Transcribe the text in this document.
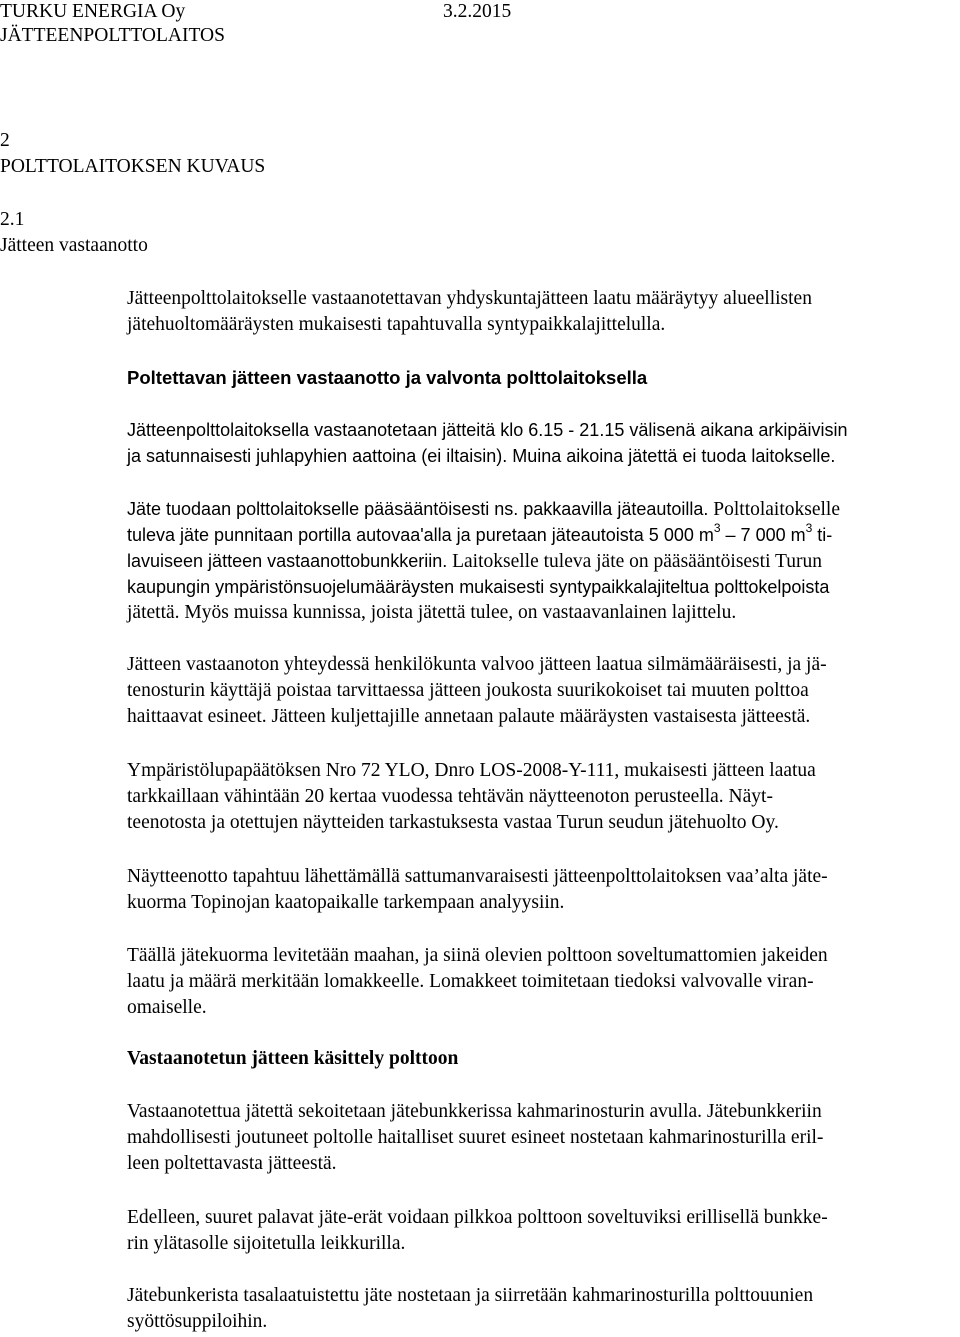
TURKU ENERGIA Oy	3.2.2015
JÄTTEENPOLTTOLAITOS
2
POLTTOLAITOKSEN KUVAUS
2.1
Jätteen vastaanotto
Jätteenpolttolaitokselle vastaanotettavan yhdyskuntajätteen laatu määräytyy alueellisten
jätehuoltomääräysten mukaisesti tapahtuvalla syntypaikkalajittelulla.
Poltettavan jätteen vastaanotto ja valvonta polttolaitoksella
Jätteenpolttolaitoksella vastaanotetaan jätteitä klo 6.15 - 21.15 välisenä aikana arkipäivisin
ja satunnaisesti juhlapyhien aattoina (ei iltaisin). Muina aikoina jätettä ei tuoda laitokselle.
Jäte tuodaan polttolaitokselle pääsääntöisesti ns. pakkaavilla jäteautoilla. Polttolaitokselle
tuleva jäte punnitaan portilla autovaa'alla ja puretaan jäteautoista 5 000 $m^3 - 7$ 000 $m^3$ ti-
lavuiseen jätteen vastaanottobunkkeriin. Laitokselle tuleva jäte on pääsääntöisesti Turun
kaupungin ympäristönsuojelumääräysten mukaisesti syntypaikkalajiteltua polttokelpoista
jätettä. Myös muissa kunnissa, joista jätettä tulee, on vastaavanlainen lajittelu.
Jätteen vastaanoton yhteydessä henkilökunta valvoo jätteen laatua silmämääräisesti, ja jä-
tenosturin käyttäjä poistaa tarvittaessa jätteen joukosta suurikokoiset tai muuten polttoa
haittaavat esineet. Jätteen kuljettajille annetaan palaute määräysten vastaisesta jätteestä.
Ympäristölupapäätöksen Nro 72 YLO, Dnro LOS-2008-Y-111, mukaisesti jätteen laatua
tarkkaillaan vähintään 20 kertaa vuodessa tehtävän näytteenoton perusteella. Näyt-
teenotosta ja otettujen näytteiden tarkastuksesta vastaa Turun seudun jätehuolto Oy.
Näytteenotto tapahtuu lähettämällä sattumanvaraisesti jätteenpolttolaitoksen vaa’alta jäte-
kuorma Topinojan kaatopaikalle tarkempaan analyysiin.
Täällä jätekuorma levitetään maahan, ja siinä olevien polttoon soveltumattomien jakeiden
laatu ja määrä merkitään lomakkeelle. Lomakkeet toimitetaan tiedoksi valvovalle viran-
omaiselle.
Vastaanotetun jätteen käsittely polttoon
Vastaanotettua jätettä sekoitetaan jätebunkkerissa kahmarinosturin avulla. Jätebunkkeriin
mahdollisesti joutuneet poltolle haitalliset suuret esineet nostetaan kahmarinosturilla eril-
leen poltettavasta jätteestä.
Edelleen, suuret palavat jäte-erät voidaan pilkkoa polttoon soveltuviksi erillisellä bunkke-
rin ylätasolle sijoitetulla leikkurilla.
Jätebunkerista tasalaatuistettu jäte nostetaan ja siirretään kahmarinosturilla polttouunien
syöttösuppiloihin.
